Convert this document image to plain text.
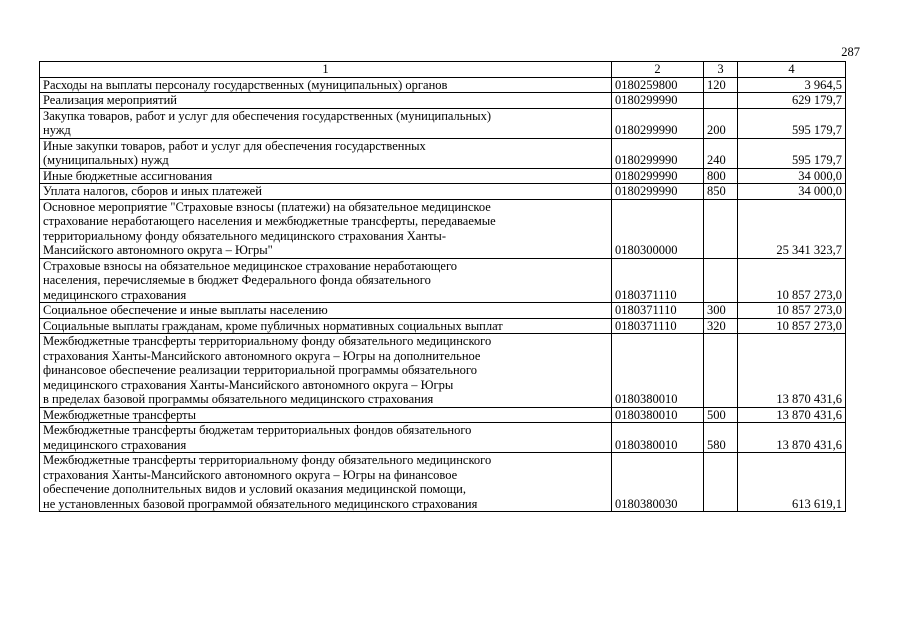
287
1	2	3	4
Расходы на выплаты персоналу государственных (муниципальных) органов	0180259800	120	3 964,5
Реализация мероприятий	0180299990		629 179,7
Закупка товаров, работ и услуг для обеспечения государственных (муниципальных)
нужд	0180299990	200	595 179,7
Иные закупки товаров, работ и услуг для обеспечения государственных
(муниципальных) нужд	0180299990	240	595 179,7
Иные бюджетные ассигнования	0180299990	800	34 000,0
Уплата налогов, сборов и иных платежей	0180299990	850	34 000,0
Основное мероприятие "Страховые взносы (платежи) на обязательное медицинское
страхование неработающего населения и межбюджетные трансферты, передаваемые
территориальному фонду обязательного медицинского страхования Ханты-
Мансийского автономного округа – Югры"	0180300000		25 341 323,7
Страховые взносы на обязательное медицинское страхование неработающего
населения, перечисляемые в бюджет Федерального фонда обязательного
медицинского страхования	0180371110		10 857 273,0
Социальное обеспечение и иные выплаты населению	0180371110	300	10 857 273,0
Социальные выплаты гражданам, кроме публичных нормативных социальных выплат	0180371110	320	10 857 273,0
Межбюджетные трансферты территориальному фонду обязательного медицинского
страхования Ханты-Мансийского автономного округа – Югры на дополнительное
финансовое обеспечение реализации территориальной программы обязательного
медицинского страхования Ханты-Мансийского автономного округа – Югры
в пределах базовой программы обязательного медицинского страхования	0180380010		13 870 431,6
Межбюджетные трансферты	0180380010	500	13 870 431,6
Межбюджетные трансферты бюджетам территориальных фондов обязательного
медицинского страхования	0180380010	580	13 870 431,6
Межбюджетные трансферты территориальному фонду обязательного медицинского
страхования Ханты-Мансийского автономного округа – Югры на финансовое
обеспечение дополнительных видов и условий оказания медицинской помощи,
не установленных базовой программой обязательного медицинского страхования	0180380030		613 619,1
